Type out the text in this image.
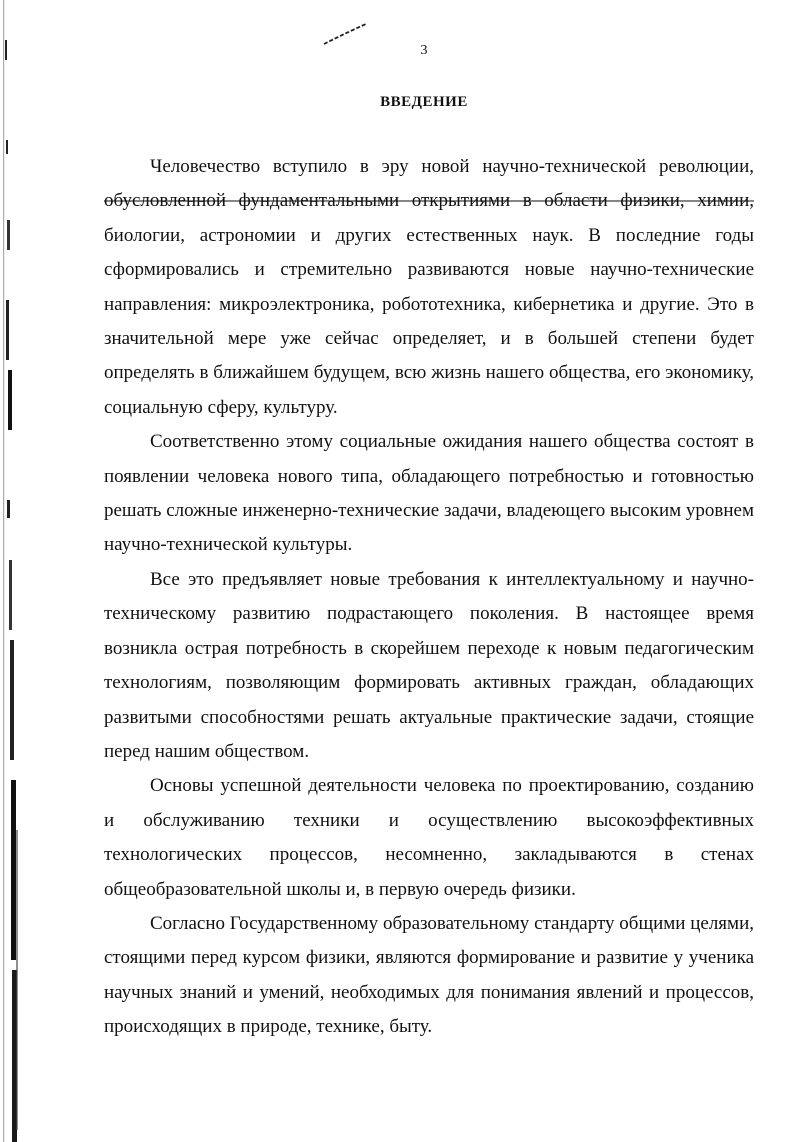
3
ВВЕДЕНИЕ

Человечество вступило в эру новой научно-технической революции, обусловленной фундаментальными открытиями в области физики, химии, биологии, астрономии и других естественных наук. В последние годы сформировались и стремительно развиваются новые научно-технические направления: микроэлектроника, робототехника, кибернетика и другие. Это в значительной мере уже сейчас определяет, и в большей степени будет определять в ближайшем будущем, всю жизнь нашего общества, его экономику, социальную сферу, культуру.

Соответственно этому социальные ожидания нашего общества состоят в появлении человека нового типа, обладающего потребностью и готовностью решать сложные инженерно-технические задачи, владеющего высоким уровнем научно-технической культуры.

Все это предъявляет новые требования к интеллектуальному и научно-техническому развитию подрастающего поколения. В настоящее время возникла острая потребность в скорейшем переходе к новым педагогическим технологиям, позволяющим формировать активных граждан, обладающих развитыми способностями решать актуальные практические задачи, стоящие перед нашим обществом.

Основы успешной деятельности человека по проектированию, созданию и обслуживанию техники и осуществлению высокоэффективных технологических процессов, несомненно, закладываются в стенах общеобразовательной школы и, в первую очередь физики.

Согласно Государственному образовательному стандарту общими целями, стоящими перед курсом физики, являются формирование и развитие у ученика научных знаний и умений, необходимых для понимания явлений и процессов, происходящих в природе, технике, быту.
